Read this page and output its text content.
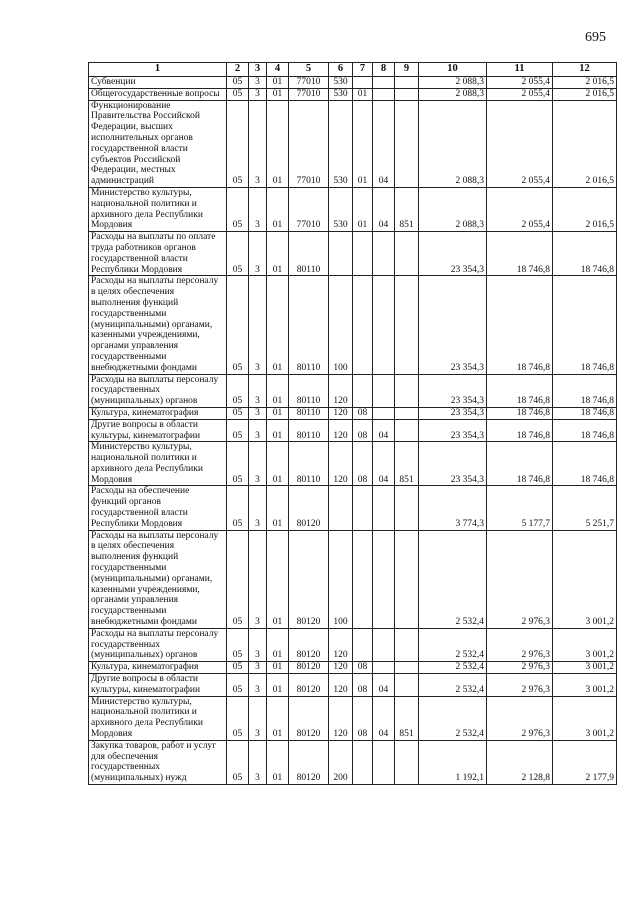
695
1	2	3	4	5	6	7	8	9	10	11	12
Субвенции	05	3	01	77010	530				2 088,3	2 055,4	2 016,5
Общегосударственные вопросы	05	3	01	77010	530	01			2 088,3	2 055,4	2 016,5
Функционирование Правительства Российской Федерации, высших исполнительных органов государственной власти субъектов Российской Федерации, местных администраций	05	3	01	77010	530	01	04		2 088,3	2 055,4	2 016,5
Министерство культуры, национальной политики и архивного дела Республики Мордовия	05	3	01	77010	530	01	04	851	2 088,3	2 055,4	2 016,5
Расходы на выплаты по оплате труда работников органов государственной власти Республики Мордовия	05	3	01	80110					23 354,3	18 746,8	18 746,8
Расходы на выплаты персоналу в целях обеспечения выполнения функций государственными (муниципальными) органами, казенными учреждениями, органами управления государственными внебюджетными фондами	05	3	01	80110	100				23 354,3	18 746,8	18 746,8
Расходы на выплаты персоналу государственных (муниципальных) органов	05	3	01	80110	120				23 354,3	18 746,8	18 746,8
Культура, кинематография	05	3	01	80110	120	08			23 354,3	18 746,8	18 746,8
Другие вопросы в области культуры, кинематографии	05	3	01	80110	120	08	04		23 354,3	18 746,8	18 746,8
Министерство культуры, национальной политики и архивного дела Республики Мордовия	05	3	01	80110	120	08	04	851	23 354,3	18 746,8	18 746,8
Расходы на обеспечение функций органов государственной власти Республики Мордовия	05	3	01	80120					3 774,3	5 177,7	5 251,7
Расходы на выплаты персоналу в целях обеспечения выполнения функций государственными (муниципальными) органами, казенными учреждениями, органами управления государственными внебюджетными фондами	05	3	01	80120	100				2 532,4	2 976,3	3 001,2
Расходы на выплаты персоналу государственных (муниципальных) органов	05	3	01	80120	120				2 532,4	2 976,3	3 001,2
Культура, кинематография	05	3	01	80120	120	08			2 532,4	2 976,3	3 001,2
Другие вопросы в области культуры, кинематографии	05	3	01	80120	120	08	04		2 532,4	2 976,3	3 001,2
Министерство культуры, национальной политики и архивного дела Республики Мордовия	05	3	01	80120	120	08	04	851	2 532,4	2 976,3	3 001,2
Закупка товаров, работ и услуг для обеспечения государственных (муниципальных) нужд	05	3	01	80120	200				1 192,1	2 128,8	2 177,9
